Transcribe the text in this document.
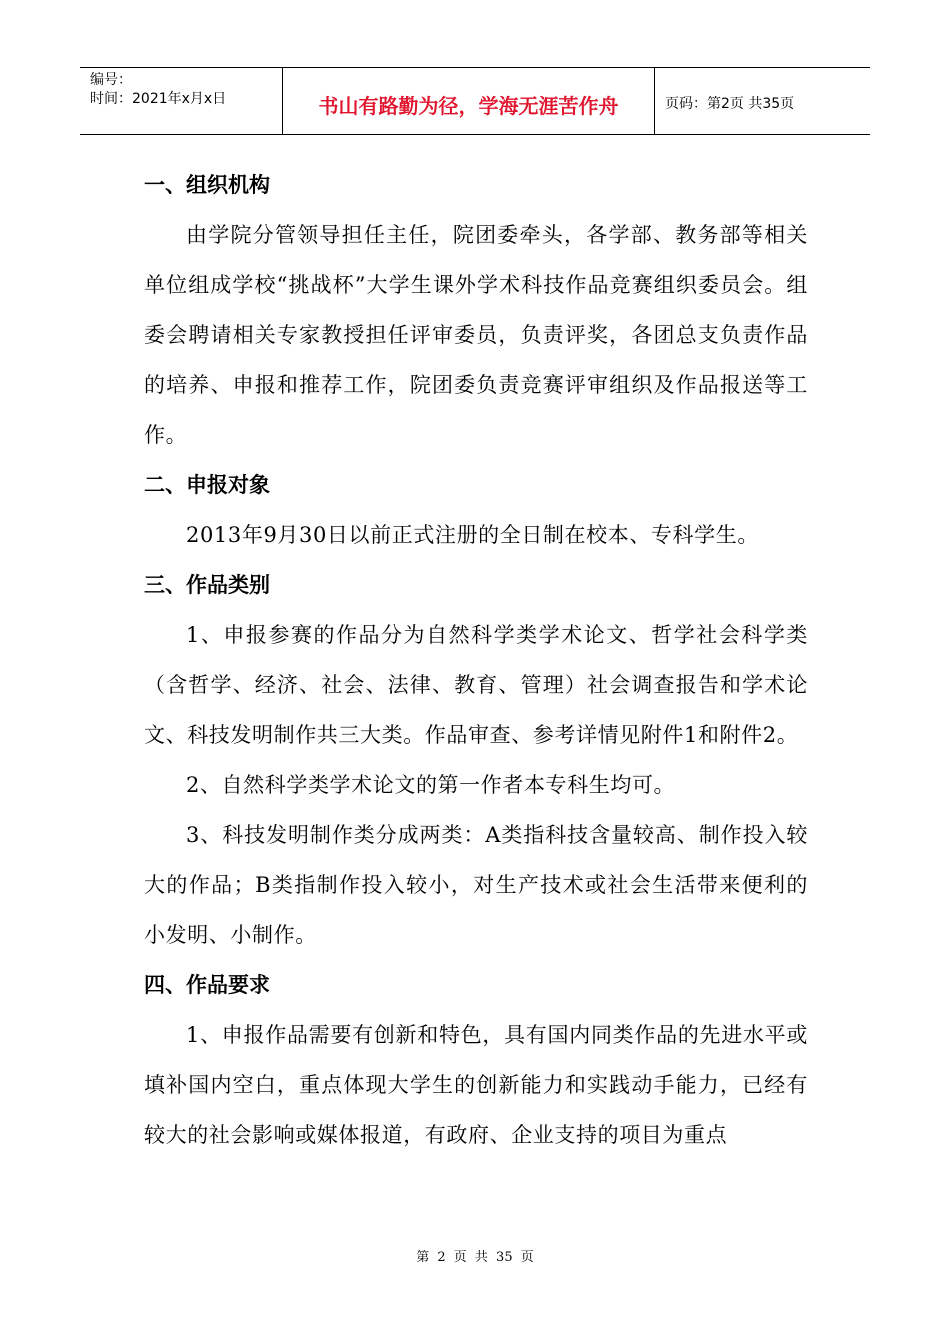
编号：
时间：2021年x月x日	书山有路勤为径，学海无涯苦作舟	页码：第2页 共35页
一、组织机构

由学院分管领导担任主任，院团委牵头，各学部、教务部等相关单位组成学校“挑战杯”大学生课外学术科技作品竞赛组织委员会。组委会聘请相关专家教授担任评审委员，负责评奖，各团总支负责作品的培养、申报和推荐工作，院团委负责竞赛评审组织及作品报送等工作。

二、申报对象

2013年9月30日以前正式注册的全日制在校本、专科学生。

三、作品类别

1、申报参赛的作品分为自然科学类学术论文、哲学社会科学类（含哲学、经济、社会、法律、教育、管理）社会调查报告和学术论文、科技发明制作共三大类。作品审查、参考详情见附件1和附件2。

2、自然科学类学术论文的第一作者本专科生均可。

3、科技发明制作类分成两类：A类指科技含量较高、制作投入较大的作品；B类指制作投入较小，对生产技术或社会生活带来便利的小发明、小制作。

四、作品要求

1、申报作品需要有创新和特色，具有国内同类作品的先进水平或填补国内空白，重点体现大学生的创新能力和实践动手能力，已经有较大的社会影响或媒体报道，有政府、企业支持的项目为重点

第 2 页 共 35 页
